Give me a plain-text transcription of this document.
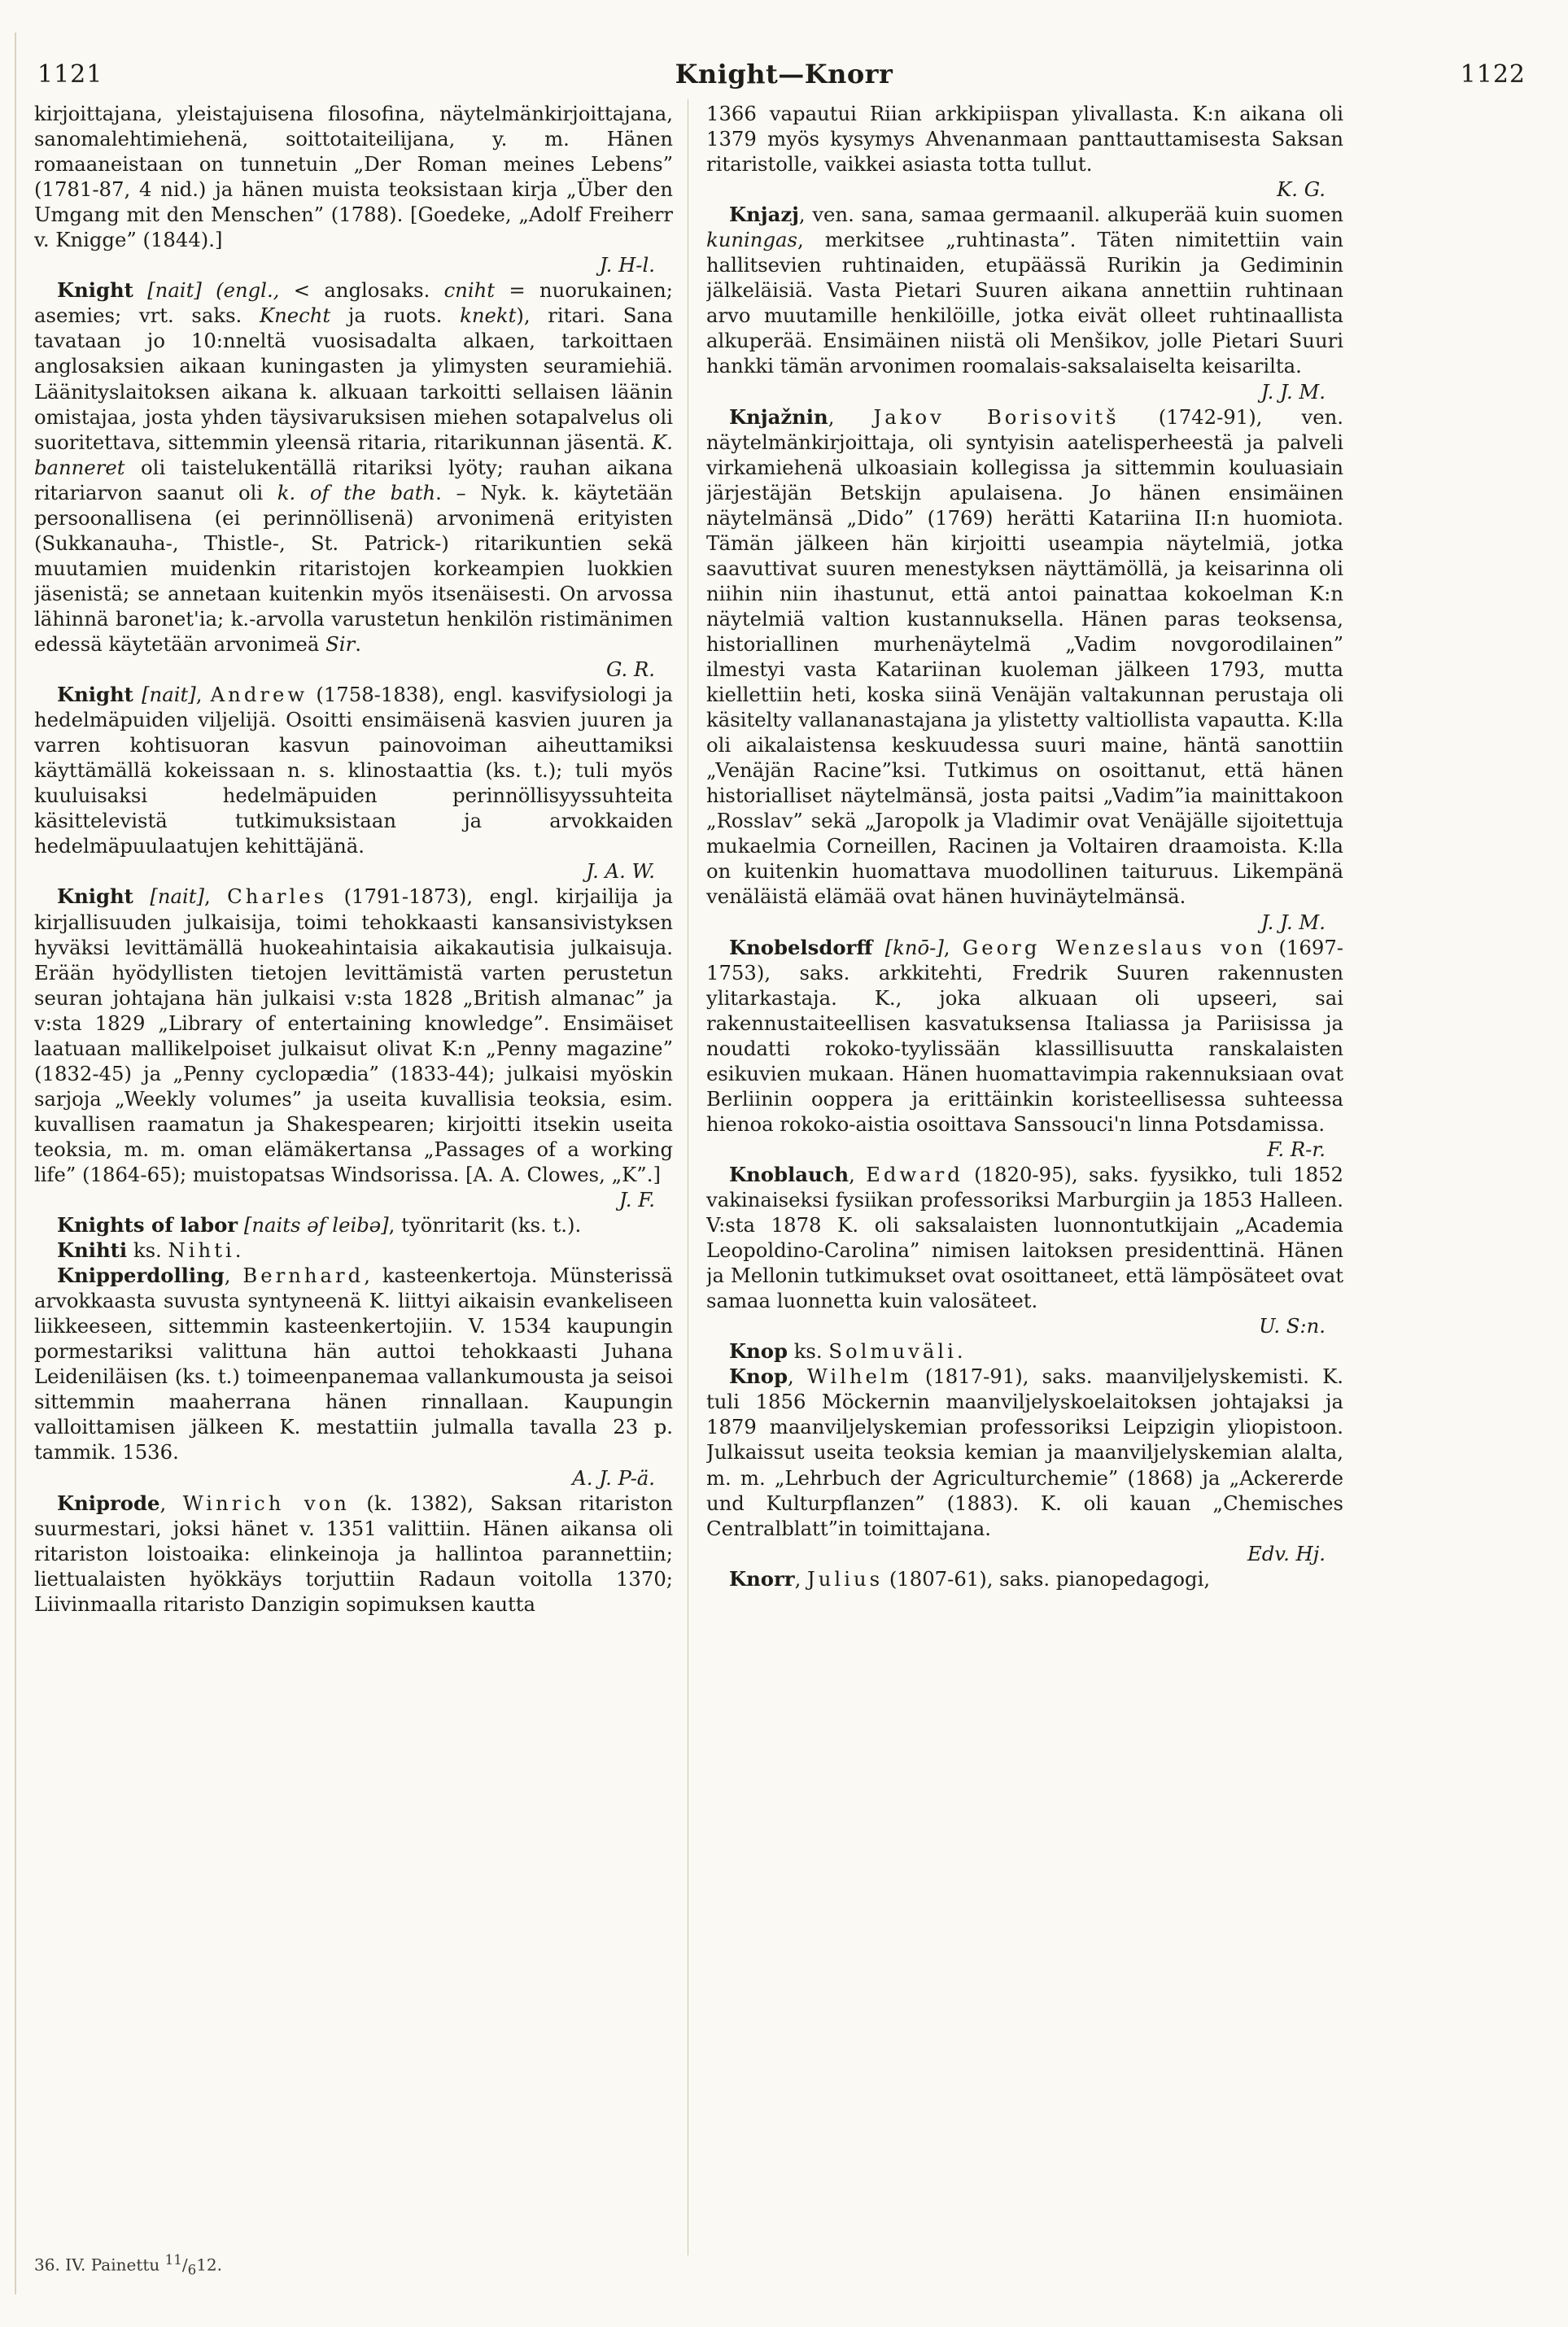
1121	Knight—Knorr	1122

kirjoittajana, yleistajuisena filosofina, näytelmänkirjoittajana, sanomalehtimiehenä, soittotaiteilijana, y. m. Hänen romaaneistaan on tunnetuin „Der Roman meines Lebens” (1781-87, 4 nid.) ja hänen muista teoksistaan kirja „Über den Umgang mit den Menschen” (1788). [Goedeke, „Adolf Freiherr v. Knigge” (1844).]
J. H-l.

Knight [nait] (engl., < anglosaks. cniht = nuorukainen; asemies; vrt. saks. Knecht ja ruots. knekt), ritari. Sana tavataan jo 10:nneltä vuosisadalta alkaen, tarkoittaen anglosaksien aikaan kuningasten ja ylimysten seuramiehiä. Läänityslaitoksen aikana k. alkuaan tarkoitti sellaisen läänin omistajaa, josta yhden täysivaruksisen miehen sotapalvelus oli suoritettava, sittemmin yleensä ritaria, ritarikunnan jäsentä. K. banneret oli taistelukentällä ritariksi lyöty; rauhan aikana ritariarvon saanut oli k. of the bath. – Nyk. k. käytetään persoonallisena (ei perinnöllisenä) arvonimenä erityisten (Sukkanauha-, Thistle-, St. Patrick-) ritarikuntien sekä muutamien muidenkin ritaristojen korkeampien luokkien jäsenistä; se annetaan kuitenkin myös itsenäisesti. On arvossa lähinnä baronet'ia; k.-arvolla varustetun henkilön ristimänimen edessä käytetään arvonimeä Sir.
G. R.

Knight [nait], Andrew (1758-1838), engl. kasvifysiologi ja hedelmäpuiden viljelijä. Osoitti ensimäisenä kasvien juuren ja varren kohtisuoran kasvun painovoiman aiheuttamiksi käyttämällä kokeissaan n. s. klinostaattia (ks. t.); tuli myös kuuluisaksi hedelmäpuiden perinnöllisyyssuhteita käsittelevistä tutkimuksistaan ja arvokkaiden hedelmäpuulaatujen kehittäjänä.
J. A. W.

Knight [nait], Charles (1791-1873), engl. kirjailija ja kirjallisuuden julkaisija, toimi tehokkaasti kansansivistyksen hyväksi levittämällä huokeahintaisia aikakautisia julkaisuja. Erään hyödyllisten tietojen levittämistä varten perustetun seuran johtajana hän julkaisi v:sta 1828 „British almanac” ja v:sta 1829 „Library of entertaining knowledge”. Ensimäiset laatuaan mallikelpoiset julkaisut olivat K:n „Penny magazine” (1832-45) ja „Penny cyclopædia” (1833-44); julkaisi myöskin sarjoja „Weekly volumes” ja useita kuvallisia teoksia, esim. kuvallisen raamatun ja Shakespearen; kirjoitti itsekin useita teoksia, m. m. oman elämäkertansa „Passages of a working life” (1864-65); muistopatsas Windsorissa. [A. A. Clowes, „K”.]
J. F.

Knights of labor [naits əf leibə], työnritarit (ks. t.).

Knihti ks. Nihti.

Knipperdolling, Bernhard, kasteenkertoja. Münsterissä arvokkaasta suvusta syntyneenä K. liittyi aikaisin evankeliseen liikkeeseen, sittemmin kasteenkertojiin. V. 1534 kaupungin pormestariksi valittuna hän auttoi tehokkaasti Juhana Leideniläisen (ks. t.) toimeenpanemaa vallankumousta ja seisoi sittemmin maaherrana hänen rinnallaan. Kaupungin valloittamisen jälkeen K. mestattiin julmalla tavalla 23 p. tammik. 1536.
A. J. P-ä.

Kniprode, Winrich von (k. 1382), Saksan ritariston suurmestari, joksi hänet v. 1351 valittiin. Hänen aikansa oli ritariston loistoaika: elinkeinoja ja hallintoa parannettiin; liettualaisten hyökkäys torjuttiin Radaun voitolla 1370; Liivinmaalla ritaristo Danzigin sopimuksen kautta

1366 vapautui Riian arkkipiispan ylivallasta. K:n aikana oli 1379 myös kysymys Ahvenanmaan panttauttamisesta Saksan ritaristolle, vaikkei asiasta totta tullut.
K. G.

Knjazj, ven. sana, samaa germaanil. alkuperää kuin suomen kuningas, merkitsee „ruhtinasta”. Täten nimitettiin vain hallitsevien ruhtinaiden, etupäässä Rurikin ja Gediminin jälkeläisiä. Vasta Pietari Suuren aikana annettiin ruhtinaan arvo muutamille henkilöille, jotka eivät olleet ruhtinaallista alkuperää. Ensimäinen niistä oli Menšikov, jolle Pietari Suuri hankki tämän arvonimen roomalais-saksalaiselta keisarilta.
J. J. M.

Knjažnin, Jakov Borisovitš (1742-91), ven. näytelmänkirjoittaja, oli syntyisin aatelisperheestä ja palveli virkamiehenä ulkoasiain kollegissa ja sittemmin kouluasiain järjestäjän Betskijn apulaisena. Jo hänen ensimäinen näytelmänsä „Dido” (1769) herätti Katariina II:n huomiota. Tämän jälkeen hän kirjoitti useampia näytelmiä, jotka saavuttivat suuren menestyksen näyttämöllä, ja keisarinna oli niihin niin ihastunut, että antoi painattaa kokoelman K:n näytelmiä valtion kustannuksella. Hänen paras teoksensa, historiallinen murhenäytelmä „Vadim novgorodilainen” ilmestyi vasta Katariinan kuoleman jälkeen 1793, mutta kiellettiin heti, koska siinä Venäjän valtakunnan perustaja oli käsitelty vallananastajana ja ylistetty valtiollista vapautta. K:lla oli aikalaistensa keskuudessa suuri maine, häntä sanottiin „Venäjän Racine”ksi. Tutkimus on osoittanut, että hänen historialliset näytelmänsä, josta paitsi „Vadim”ia mainittakoon „Rosslav” sekä „Jaropolk ja Vladimir ovat Venäjälle sijoitettuja mukaelmia Corneillen, Racinen ja Voltairen draamoista. K:lla on kuitenkin huomattava muodollinen taituruus. Likempänä venäläistä elämää ovat hänen huvinäytelmänsä.
J. J. M.

Knobelsdorff [knō-], Georg Wenzeslaus von (1697-1753), saks. arkkitehti, Fredrik Suuren rakennusten ylitarkastaja. K., joka alkuaan oli upseeri, sai rakennustaiteellisen kasvatuksensa Italiassa ja Pariisissa ja noudatti rokoko-tyylissään klassillisuutta ranskalaisten esikuvien mukaan. Hänen huomattavimpia rakennuksiaan ovat Berliinin ooppera ja erittäinkin koristeellisessa suhteessa hienoa rokoko-aistia osoittava Sanssouci'n linna Potsdamissa.
F. R-r.

Knoblauch, Edward (1820-95), saks. fyysikko, tuli 1852 vakinaiseksi fysiikan professoriksi Marburgiin ja 1853 Halleen. V:sta 1878 K. oli saksalaisten luonnontutkijain „Academia Leopoldino-Carolina” nimisen laitoksen presidenttinä. Hänen ja Mellonin tutkimukset ovat osoittaneet, että lämpösäteet ovat samaa luonnetta kuin valosäteet.
U. S:n.

Knop ks. Solmuväli.

Knop, Wilhelm (1817-91), saks. maanviljelyskemisti. K. tuli 1856 Möckernin maanviljelyskoelaitoksen johtajaksi ja 1879 maanviljelyskemian professoriksi Leipzigin yliopistoon. Julkaissut useita teoksia kemian ja maanviljelyskemian alalta, m. m. „Lehrbuch der Agriculturchemie” (1868) ja „Ackererde und Kulturpflanzen” (1883). K. oli kauan „Chemisches Centralblatt”in toimittajana.
Edv. Hj.

Knorr, Julius (1807-61), saks. pianopedagogi,

36. IV. Painettu $^{11}/_612$.
